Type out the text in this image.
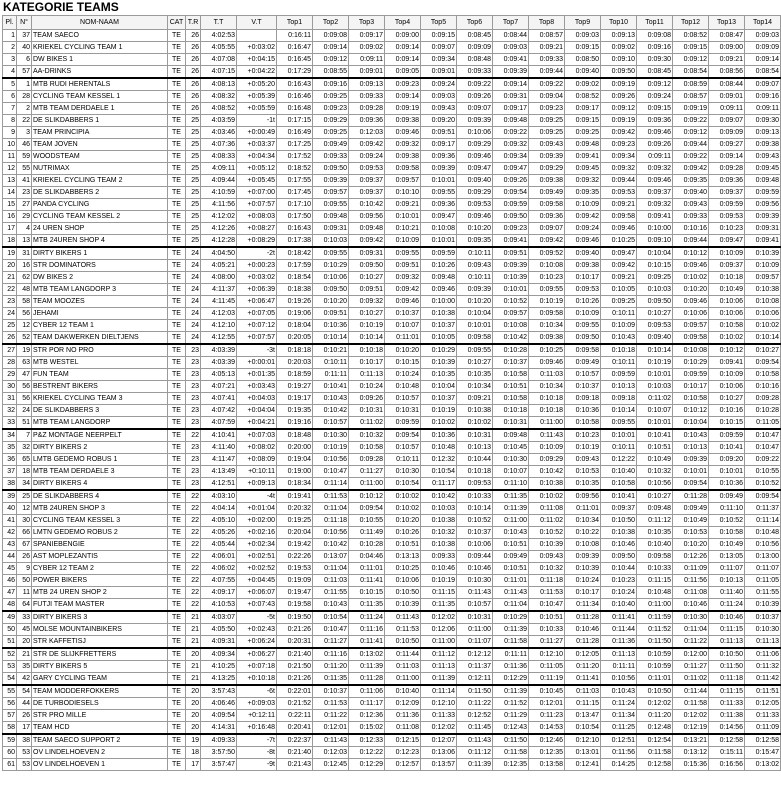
KATEGORIE TEAMS
Pl.	N°	NOM-NAAM	CAT	T.R	T.T	V.T	Top1	Top2	Top3	Top4	Top5	Top6	Top7	Top8	Top9	Top10	Top11	Top12	Top13	Top14
1	37	TEAM SAECO	TE	26	4:02:53		0:16:11	0:09:08	0:09:17	0:09:00	0:09:15	0:08:45	0:08:44	0:08:57	0:09:03	0:09:13	0:09:08	0:08:52	0:08:47	0:09:03
2	40	KRIEKEL CYCLING TEAM 1	TE	26	4:05:55	+0:03:02	0:16:47	0:09:14	0:09:02	0:09:14	0:09:07	0:09:09	0:09:03	0:09:21	0:09:15	0:09:02	0:09:16	0:09:15	0:09:00	0:09:09
3	6	DW BIKES 1	TE	26	4:07:08	+0:04:15	0:16:45	0:09:12	0:09:11	0:09:14	0:09:34	0:08:48	0:09:41	0:09:33	0:08:50	0:09:10	0:09:30	0:09:12	0:09:21	0:09:14
4	57	AA-DRINKS	TE	26	4:07:15	+0:04:22	0:17:29	0:08:55	0:09:01	0:09:05	0:09:01	0:09:33	0:09:39	0:09:44	0:09:40	0:09:50	0:08:45	0:08:54	0:08:56	0:08:54
5	1	MTB RUDI HERENTALS	TE	26	4:08:13	+0:05:20	0:16:43	0:09:16	0:09:13	0:09:23	0:09:24	0:09:22	0:09:14	0:09:22	0:09:02	0:09:19	0:09:12	0:08:59	0:08:44	0:09:07
6	28	CYCLING TEAM KESSEL 1	TE	26	4:08:32	+0:05:39	0:16:46	0:09:25	0:09:33	0:09:14	0:09:03	0:09:26	0:09:31	0:09:04	0:08:52	0:09:26	0:09:24	0:08:57	0:09:01	0:09:16
7	2	MTB TEAM DERDAELE 1	TE	26	4:08:52	+0:05:59	0:16:48	0:09:23	0:09:28	0:09:19	0:09:43	0:09:07	0:09:17	0:09:23	0:09:17	0:09:12	0:09:15	0:09:19	0:09:11	0:09:11
8	22	DE SLIKDABBERS 1	TE	25	4:03:59	-1t	0:17:15	0:09:29	0:09:36	0:09:38	0:09:20	0:09:39	0:09:48	0:09:25	0:09:15	0:09:19	0:09:36	0:09:22	0:09:07	0:09:30
9	3	TEAM PRINCIPIA	TE	25	4:03:46	+0:00:49	0:16:49	0:09:25	0:12:03	0:09:46	0:09:51	0:10:06	0:09:22	0:09:25	0:09:25	0:09:42	0:09:46	0:09:12	0:09:09	0:09:13
10	46	TEAM JOVEN	TE	25	4:07:36	+0:03:37	0:17:25	0:09:49	0:09:42	0:09:32	0:09:17	0:09:29	0:09:32	0:09:43	0:09:48	0:09:23	0:09:26	0:09:44	0:09:27	0:09:38
11	59	WOODSTEAM	TE	25	4:08:33	+0:04:34	0:17:52	0:09:33	0:09:24	0:09:38	0:09:36	0:09:46	0:09:34	0:09:39	0:09:41	0:09:34	0:09:11	0:09:22	0:09:14	0:09:43
12	55	NUTRIMAX	TE	25	4:09:11	+0:05:12	0:18:52	0:09:50	0:09:53	0:09:58	0:09:39	0:09:47	0:09:47	0:09:29	0:09:45	0:09:32	0:09:32	0:09:42	0:09:28	0:09:45
13	41	KRIEKEL CYCLING TEAM 2	TE	25	4:09:44	+0:05:45	0:17:55	0:09:39	0:09:37	0:09:57	0:10:01	0:09:40	0:09:26	0:09:38	0:09:32	0:09:44	0:09:46	0:09:35	0:09:36	0:09:48
14	23	DE SLIKDABBERS 2	TE	25	4:10:59	+0:07:00	0:17:45	0:09:57	0:09:37	0:10:10	0:09:55	0:09:29	0:09:54	0:09:49	0:09:35	0:09:53	0:09:37	0:09:40	0:09:37	0:09:59
15	27	PANDA CYCLING	TE	25	4:11:56	+0:07:57	0:17:10	0:09:55	0:10:42	0:09:21	0:09:36	0:09:53	0:09:59	0:09:58	0:10:09	0:09:21	0:09:32	0:09:43	0:09:59	0:09:56
16	29	CYCLING TEAM KESSEL 2	TE	25	4:12:02	+0:08:03	0:17:50	0:09:48	0:09:56	0:10:01	0:09:47	0:09:46	0:09:50	0:09:36	0:09:42	0:09:58	0:09:41	0:09:33	0:09:53	0:09:39
17	4	24 UREN SHOP	TE	25	4:12:26	+0:08:27	0:16:43	0:09:31	0:09:48	0:10:21	0:10:08	0:10:20	0:09:23	0:09:07	0:09:24	0:09:46	0:10:00	0:10:16	0:10:23	0:09:31
18	13	MTB 24UREN SHOP 4	TE	25	4:12:28	+0:08:29	0:17:38	0:10:03	0:09:42	0:10:09	0:10:01	0:09:35	0:09:41	0:09:42	0:09:46	0:10:25	0:09:10	0:09:44	0:09:47	0:09:41
19	31	DIRTY BIKERS 1	TE	24	4:04:50	-2t	0:18:42	0:09:55	0:09:31	0:09:55	0:09:59	0:10:11	0:09:51	0:09:52	0:09:40	0:09:47	0:10:04	0:10:12	0:10:09	0:10:39
20	16	STR DOMINATORS	TE	24	4:05:21	+0:00:23	0:17:59	0:10:29	0:09:50	0:09:51	0:10:26	0:09:43	0:09:39	0:10:08	0:09:38	0:09:42	0:10:15	0:09:46	0:09:37	0:10:09
21	62	DW BIKES 2	TE	24	4:08:00	+0:03:02	0:18:54	0:10:06	0:10:27	0:09:32	0:09:48	0:10:11	0:10:39	0:10:23	0:10:17	0:09:21	0:09:25	0:10:02	0:10:18	0:09:57
22	48	MTB TEAM LANGDORP 3	TE	24	4:11:37	+0:06:39	0:18:38	0:09:50	0:09:51	0:09:42	0:09:46	0:09:39	0:10:01	0:09:55	0:09:53	0:10:05	0:10:03	0:10:20	0:10:49	0:10:38
23	58	TEAM MOOZES	TE	24	4:11:45	+0:06:47	0:19:26	0:10:20	0:09:32	0:09:46	0:10:00	0:10:20	0:10:52	0:10:19	0:10:26	0:09:25	0:09:50	0:09:46	0:10:06	0:10:08
24	56	JEHAMI	TE	24	4:12:03	+0:07:05	0:19:06	0:09:51	0:10:27	0:10:37	0:10:38	0:10:04	0:09:57	0:09:58	0:10:09	0:10:11	0:10:27	0:10:06	0:10:06	0:10:06
25	12	CYBER 12 TEAM 1	TE	24	4:12:10	+0:07:12	0:18:04	0:10:36	0:10:19	0:10:07	0:10:37	0:10:01	0:10:08	0:10:34	0:09:55	0:10:09	0:09:53	0:09:57	0:10:58	0:10:02
26	52	TEAM DAKWERKEN DIELTJENS	TE	24	4:12:55	+0:07:57	0:20:05	0:10:14	0:10:14	0:11:01	0:10:05	0:09:58	0:10:42	0:09:38	0:09:50	0:10:43	0:09:40	0:09:58	0:10:02	0:10:14
27	19	STR POR NO PRO	TE	23	4:03:39	-3t	0:18:18	0:10:21	0:10:18	0:10:20	0:10:29	0:09:55	0:10:28	0:10:25	0:09:58	0:10:18	0:10:14	0:10:08	0:10:12	0:10:27
28	63	MTB WESTEL	TE	23	4:03:39	+0:00:01	0:20:03	0:10:11	0:10:17	0:10:15	0:10:39	0:10:27	0:10:37	0:09:46	0:09:49	0:10:11	0:10:19	0:10:29	0:09:41	0:09:54
29	47	FUN TEAM	TE	23	4:05:13	+0:01:35	0:18:59	0:11:11	0:11:13	0:10:24	0:10:35	0:10:35	0:10:58	0:11:03	0:10:57	0:09:59	0:10:01	0:09:59	0:10:09	0:10:58
30	56	BESTRENT BIKERS	TE	23	4:07:21	+0:03:43	0:19:27	0:10:41	0:10:24	0:10:48	0:10:04	0:10:34	0:10:51	0:10:34	0:10:37	0:10:13	0:10:03	0:10:17	0:10:06	0:10:16
31	56	KRIEKEL CYCLING TEAM 3	TE	23	4:07:41	+0:04:03	0:19:17	0:10:43	0:09:26	0:10:57	0:10:37	0:09:21	0:10:58	0:10:18	0:09:18	0:09:18	0:11:02	0:10:58	0:10:27	0:09:28
32	24	DE SLIKDABBERS 3	TE	23	4:07:42	+0:04:04	0:19:35	0:10:42	0:10:31	0:10:31	0:10:19	0:10:38	0:10:18	0:10:18	0:10:36	0:10:14	0:10:07	0:10:12	0:10:16	0:10:28
33	51	MTB TEAM LANGDORP	TE	23	4:07:59	+0:04:21	0:19:16	0:10:57	0:11:02	0:09:59	0:10:02	0:10:02	0:10:31	0:11:00	0:10:58	0:09:55	0:10:01	0:10:04	0:10:15	0:11:05
34	7	P&Z MONTAGE NEERPELT	TE	22	4:10:41	+0:07:03	0:18:48	0:10:30	0:10:32	0:09:54	0:10:36	0:10:31	0:09:48	0:11:43	0:10:23	0:10:01	0:10:41	0:10:43	0:09:59	0:10:47
35	32	DIRTY BIKERS 2	TE	23	4:11:40	+0:08:02	0:20:00	0:10:19	0:10:58	0:10:57	0:10:48	0:10:13	0:10:45	0:10:09	0:10:19	0:10:11	0:10:51	0:10:13	0:10:41	0:10:47
36	65	LMTB GEDEMO ROBUS 1	TE	23	4:11:47	+0:08:09	0:19:04	0:10:56	0:09:28	0:10:11	0:12:32	0:10:44	0:10:30	0:09:29	0:09:43	0:12:22	0:10:49	0:09:39	0:09:20	0:09:22
37	18	MTB TEAM DERDAELE 3	TE	23	4:13:49	+0:10:11	0:19:00	0:10:47	0:11:27	0:10:30	0:10:54	0:10:18	0:10:07	0:10:42	0:10:53	0:10:40	0:10:32	0:10:01	0:10:01	0:10:55
38	34	DIRTY BIKERS 4	TE	23	4:12:51	+0:09:13	0:18:34	0:11:14	0:11:00	0:10:54	0:11:17	0:09:53	0:11:10	0:10:38	0:10:35	0:10:58	0:10:56	0:09:54	0:10:36	0:10:52
39	25	DE SLIKDABBERS 4	TE	22	4:03:10	-4t	0:19:41	0:11:53	0:10:12	0:10:02	0:10:42	0:10:33	0:11:35	0:10:02	0:09:56	0:10:41	0:10:27	0:11:28	0:09:49	0:09:54
40	12	MTB 24UREN SHOP 3	TE	22	4:04:14	+0:01:04	0:20:32	0:11:04	0:09:54	0:10:02	0:10:03	0:10:14	0:11:39	0:11:08	0:11:01	0:09:37	0:09:48	0:09:49	0:11:10	0:11:37
41	30	CYCLING TEAM KESSEL 3	TE	22	4:05:10	+0:02:00	0:19:25	0:11:18	0:10:55	0:10:20	0:10:38	0:10:52	0:11:00	0:11:02	0:10:34	0:10:50	0:11:12	0:10:49	0:10:52	0:11:14
42	66	LMTN GEDEMO ROBUS 2	TE	22	4:05:26	+0:02:16	0:20:04	0:10:56	0:11:49	0:10:26	0:10:32	0:10:37	0:10:43	0:10:52	0:10:22	0:10:38	0:10:35	0:10:53	0:10:58	0:10:48
43	67	SPANIEBENGIE	TE	22	4:05:44	+0:02:34	0:19:42	0:10:42	0:10:28	0:10:51	0:10:38	0:10:06	0:10:51	0:10:39	0:10:08	0:10:46	0:10:40	0:10:20	0:10:49	0:10:56
44	26	AST MOPLEZANTIS	TE	22	4:06:01	+0:02:51	0:22:26	0:13:07	0:04:46	0:13:13	0:09:33	0:09:44	0:09:49	0:09:43	0:09:39	0:09:50	0:09:58	0:12:26	0:13:05	0:13:00
45	9	CYBER 12 TEAM 2	TE	22	4:06:02	+0:02:52	0:19:53	0:11:04	0:11:01	0:10:25	0:10:46	0:10:46	0:10:51	0:10:32	0:10:39	0:10:44	0:10:33	0:11:09	0:11:07	0:11:07
46	50	POWER BIKERS	TE	22	4:07:55	+0:04:45	0:19:09	0:11:03	0:11:41	0:10:06	0:10:19	0:10:30	0:11:01	0:11:18	0:10:24	0:10:23	0:11:15	0:11:56	0:10:13	0:11:05
47	11	MTB 24 UREN SHOP 2	TE	22	4:09:17	+0:06:07	0:19:47	0:11:55	0:10:15	0:10:50	0:11:15	0:11:43	0:11:43	0:11:53	0:10:17	0:10:24	0:10:48	0:11:08	0:11:40	0:11:55
48	64	FUTJI TEAM MASTER	TE	22	4:10:53	+0:07:43	0:19:58	0:10:43	0:11:35	0:10:39	0:11:35	0:10:57	0:11:04	0:10:47	0:11:34	0:10:40	0:11:00	0:10:46	0:11:24	0:10:39
49	33	DIRTY BIKERS 3	TE	21	4:03:07	-5t	0:19:50	0:10:54	0:11:24	0:11:43	0:12:02	0:10:31	0:10:29	0:10:51	0:11:28	0:11:41	0:11:59	0:10:30	0:10:46	0:10:37
50	45	MOLSE MOUNTAINBIKERS	TE	21	4:05:50	+0:02:43	0:21:26	0:10:47	0:11:16	0:11:53	0:12:06	0:11:00	0:11:39	0:10:33	0:10:46	0:11:44	0:11:52	0:11:04	0:11:15	0:10:30
51	20	STR KAFFETISJ	TE	21	4:09:31	+0:06:24	0:20:31	0:11:27	0:11:41	0:10:50	0:11:00	0:11:07	0:11:58	0:11:27	0:11:28	0:11:36	0:11:50	0:11:22	0:11:13	0:11:13
52	21	STR DE SLIJKFRETTERS	TE	20	4:09:34	+0:06:27	0:21:40	0:11:16	0:13:02	0:11:44	0:11:12	0:12:12	0:11:11	0:12:10	0:12:05	0:11:13	0:10:59	0:12:00	0:10:50	0:11:06
53	35	DIRTY BIKERS 5	TE	21	4:10:25	+0:07:18	0:21:50	0:11:20	0:11:39	0:11:03	0:11:13	0:11:37	0:11:36	0:11:05	0:11:20	0:11:11	0:10:59	0:11:27	0:11:50	0:11:32
54	42	GARY CYCLING TEAM	TE	21	4:13:25	+0:10:18	0:21:26	0:11:35	0:11:28	0:11:00	0:11:39	0:12:11	0:12:29	0:11:19	0:11:41	0:10:56	0:11:01	0:11:02	0:11:18	0:11:42
55	54	TEAM MODDERFOKKERS	TE	20	3:57:43	-6t	0:22:01	0:10:37	0:11:06	0:10:40	0:11:14	0:11:50	0:11:39	0:10:45	0:11:03	0:10:43	0:10:50	0:11:44	0:11:15	0:11:51
56	44	DE TURBODIESELS	TE	20	4:06:46	+0:09:03	0:21:52	0:11:53	0:11:17	0:12:09	0:12:10	0:11:22	0:11:52	0:12:01	0:11:15	0:11:24	0:12:02	0:11:58	0:11:33	0:12:05
57	26	STR PRO MILLE	TE	20	4:09:54	+0:12:11	0:22:11	0:11:22	0:12:36	0:11:36	0:11:33	0:12:52	0:11:29	0:11:23	0:13:47	0:11:34	0:11:20	0:12:02	0:11:38	0:11:33
58	17	TEAM HCD	TE	20	4:14:31	+0:16:48	0:20:41	0:12:01	0:15:02	0:11:08	0:12:02	0:11:45	0:12:43	0:14:53	0:10:54	0:11:25	0:12:48	0:12:19	0:14:56	0:11:09
59	38	TEAM SAECO SUPPORT 2	TE	19	4:09:33	-7t	0:22:37	0:11:43	0:12:33	0:12:15	0:12:07	0:11:43	0:11:50	0:12:46	0:12:10	0:12:51	0:12:54	0:13:21	0:12:58	0:12:58
60	53	OV LINDELHOEVEN 2	TE	18	3:57:50	-8t	0:21:40	0:12:03	0:12:22	0:12:23	0:13:06	0:11:12	0:11:58	0:12:35	0:13:01	0:11:56	0:11:58	0:13:12	0:15:11	0:15:47
61	53	OV LINDELHOEVEN 1	TE	17	3:57:47	-9t	0:21:43	0:12:45	0:12:29	0:12:57	0:13:57	0:11:39	0:12:35	0:13:58	0:12:41	0:14:25	0:12:58	0:15:36	0:16:56	0:13:02
